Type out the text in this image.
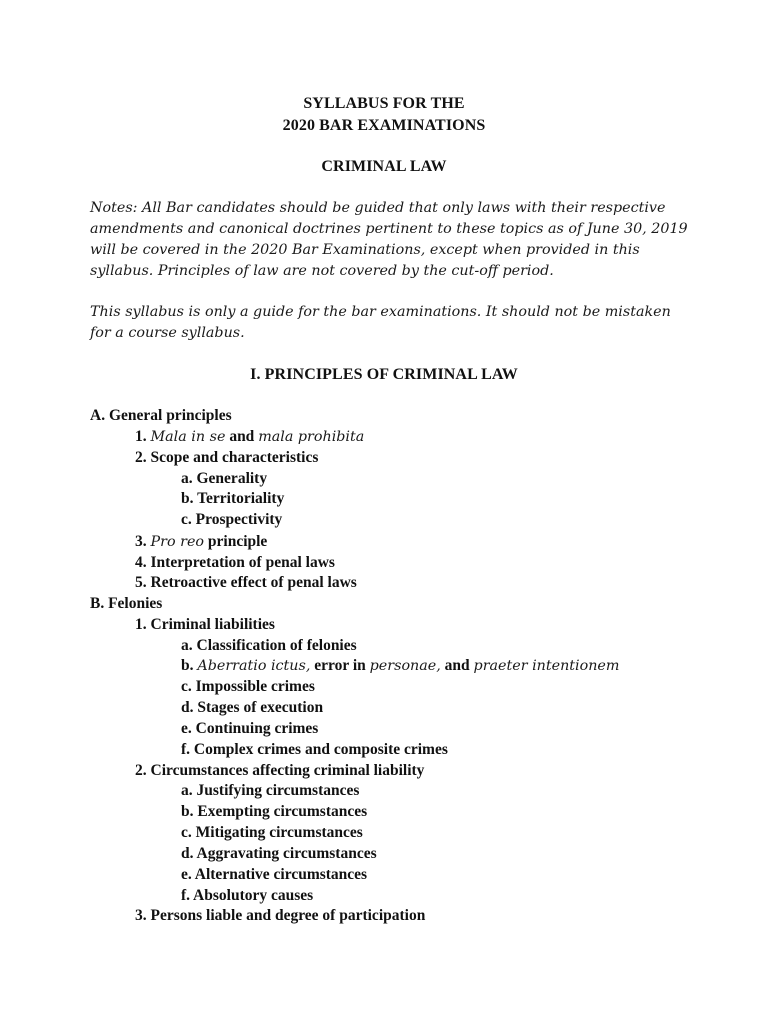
SYLLABUS FOR THE
2020 BAR EXAMINATIONS
CRIMINAL LAW
Notes: All Bar candidates should be guided that only laws with their respective
amendments and canonical doctrines pertinent to these topics as of June 30, 2019
will be covered in the 2020 Bar Examinations, except when provided in this
syllabus. Principles of law are not covered by the cut-off period.
This syllabus is only a guide for the bar examinations. It should not be mistaken
for a course syllabus.
I. PRINCIPLES OF CRIMINAL LAW
A. General principles
1. Mala in se and mala prohibita
2. Scope and characteristics
a. Generality
b. Territoriality
c. Prospectivity
3. Pro reo principle
4. Interpretation of penal laws
5. Retroactive effect of penal laws
B. Felonies
1. Criminal liabilities
a. Classification of felonies
b. Aberratio ictus, error in personae, and praeter intentionem
c. Impossible crimes
d. Stages of execution
e. Continuing crimes
f. Complex crimes and composite crimes
2. Circumstances affecting criminal liability
a. Justifying circumstances
b. Exempting circumstances
c. Mitigating circumstances
d. Aggravating circumstances
e. Alternative circumstances
f. Absolutory causes
3. Persons liable and degree of participation
